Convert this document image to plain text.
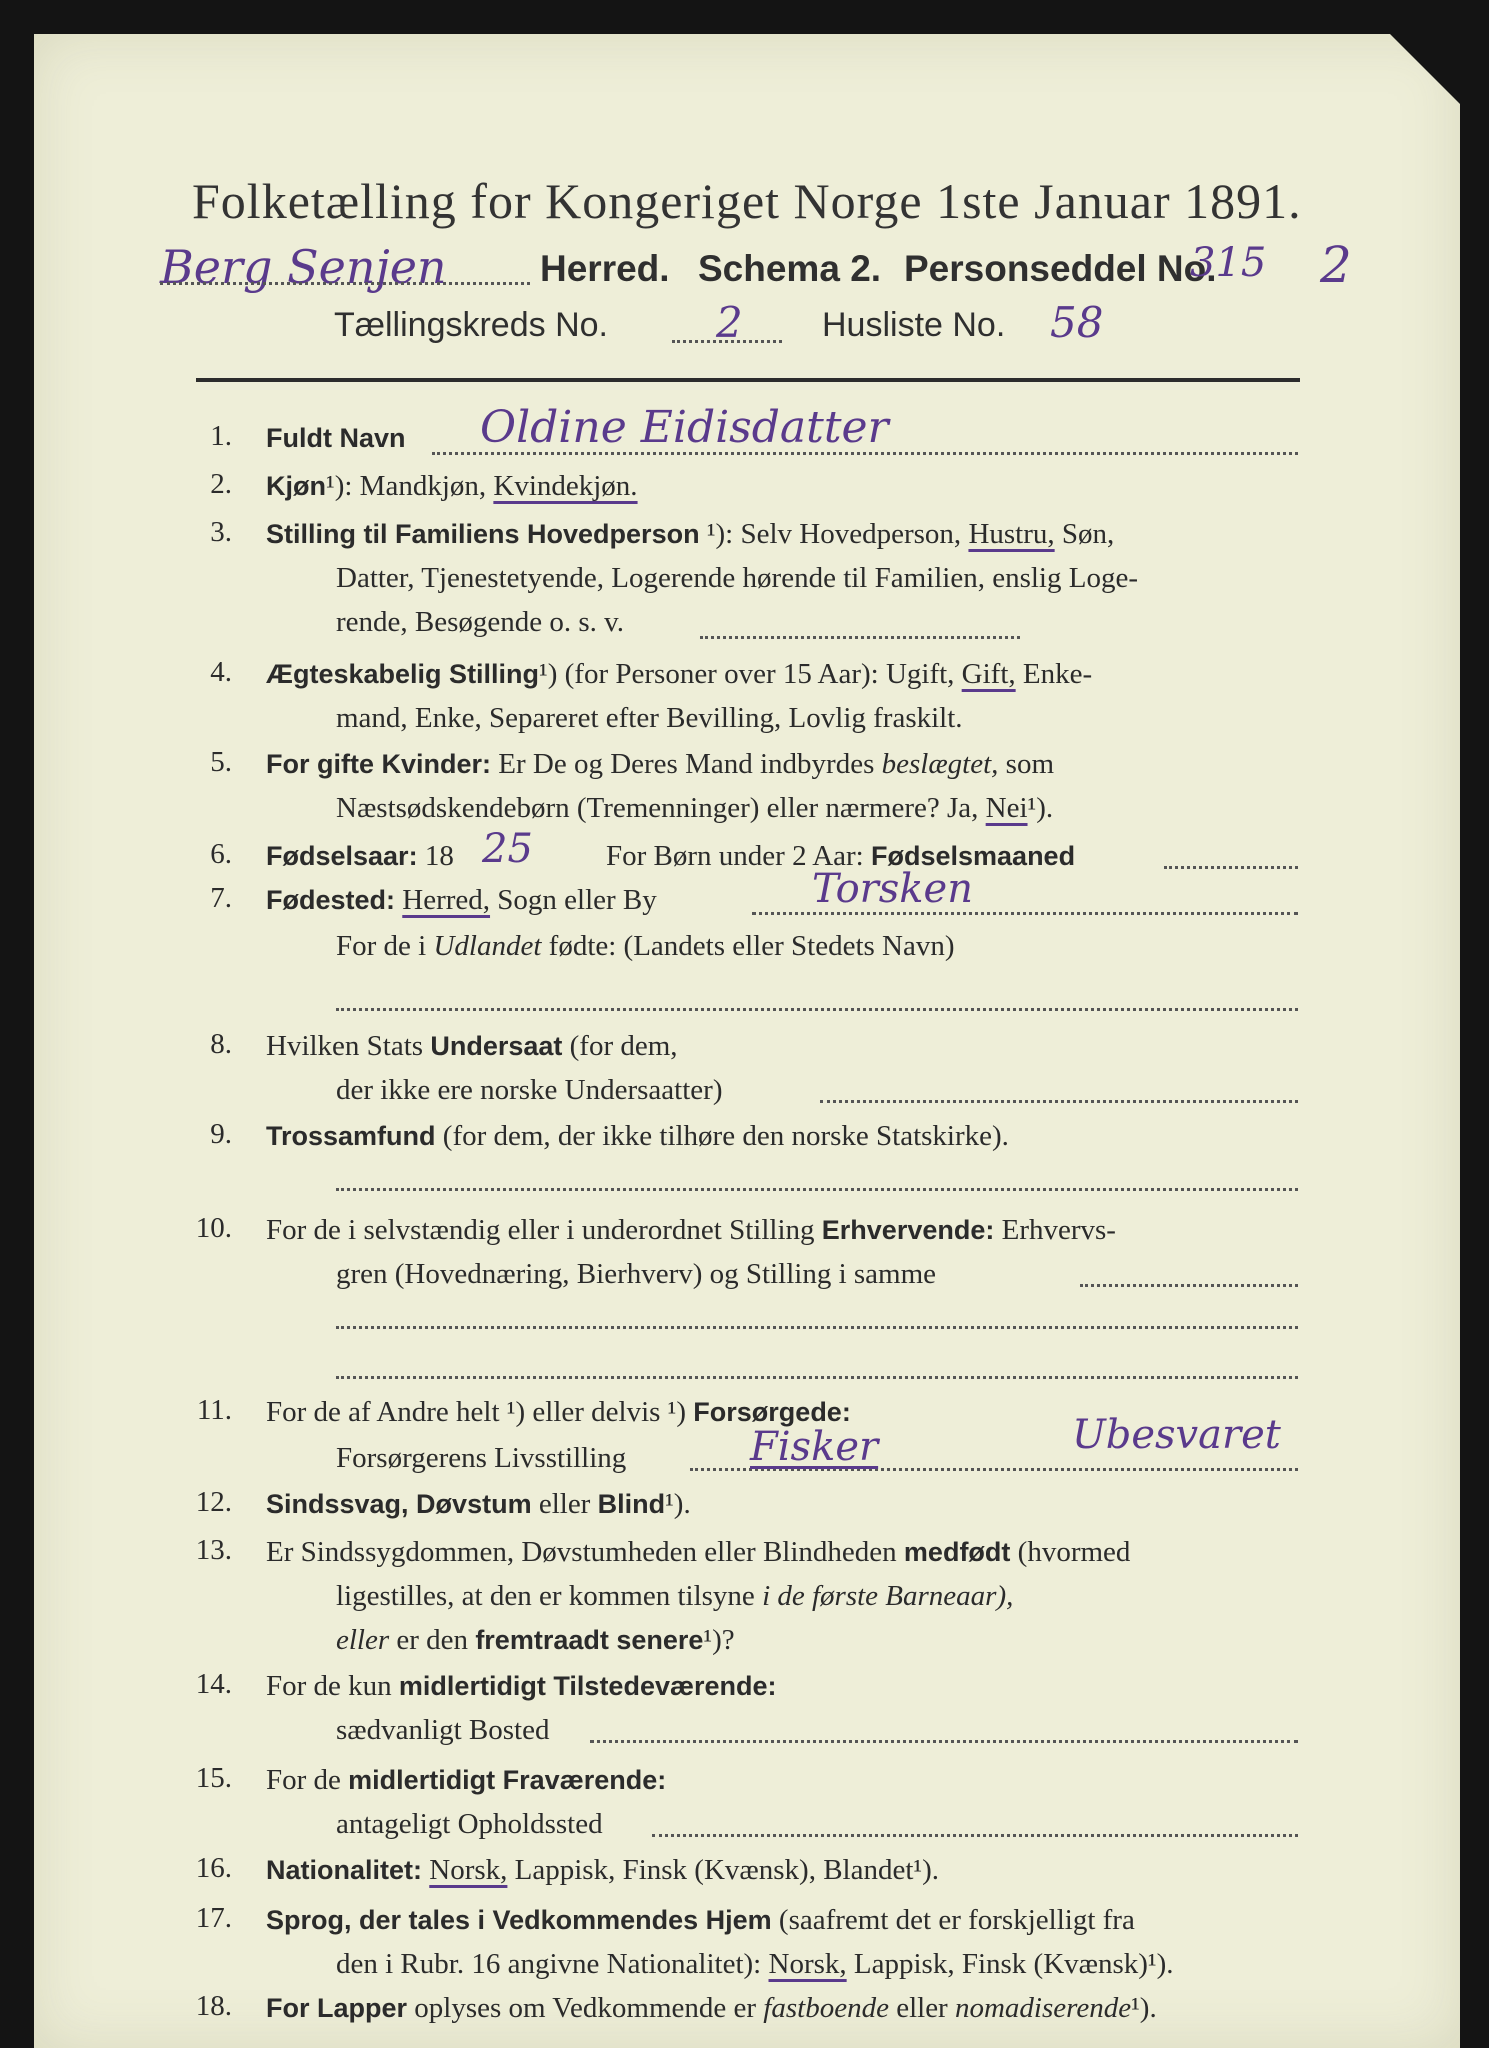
Folketælling for Kongeriget Norge 1ste Januar 1891.
Berg Senjen	Herred. Schema 2. Personseddel No.
315 2
Tællingskreds No.	2 Husliste No. 58
1. Fuldt Navn Oldine Eidisdatter
2. Kjøn¹): Mandkjøn, Kvindekjøn.
3. Stilling til Familiens Hovedperson ¹): Selv Hovedperson, Hustru, Søn,
Datter, Tjenestetyende, Logerende hørende til Familien, enslig Loge-
rende, Besøgende o. s. v.
4. Ægteskabelig Stilling¹) (for Personer over 15 Aar): Ugift, Gift, Enke-
mand, Enke, Separeret efter Bevilling, Lovlig fraskilt.
5. For gifte Kvinder: Er De og Deres Mand indbyrdes beslægtet, som
Næstsødskendebørn (Tremenninger) eller nærmere? Ja, Nei¹).
6. Fødselsaar: 18 25	For Børn under 2 Aar: Fødselsmaaned
7. Fødested: Herred, Sogn eller By	Torsken
For de i Udlandet fødte: (Landets eller Stedets Navn)
8. Hvilken Stats Undersaat (for dem,
der ikke ere norske Undersaatter)
9. Trossamfund (for dem, der ikke tilhøre den norske Statskirke).
10. For de i selvstændig eller i underordnet Stilling Erhvervende: Erhvervs-
gren (Hovednæring, Bierhverv) og Stilling i samme
11. For de af Andre helt ¹) eller delvis ¹) Forsørgede:
Forsørgerens Livsstilling	Fisker	Ubesvaret
12. Sindssvag, Døvstum eller Blind¹).
13. Er Sindssygdommen, Døvstumheden eller Blindheden medfødt (hvormed
ligestilles, at den er kommen tilsyne i de første Barneaar),
eller er den fremtraadt senere¹)?
14. For de kun midlertidigt Tilstedeværende:
sædvanligt Bosted
15. For de midlertidigt Fraværende:
antageligt Opholdssted
16. Nationalitet: Norsk, Lappisk, Finsk (Kvænsk), Blandet¹).
17. Sprog, der tales i Vedkommendes Hjem (saafremt det er forskjelligt fra
den i Rubr. 16 angivne Nationalitet): Norsk, Lappisk, Finsk (Kvænsk)¹).
18. For Lapper oplyses om Vedkommende er fastboende eller nomadiserende¹).
